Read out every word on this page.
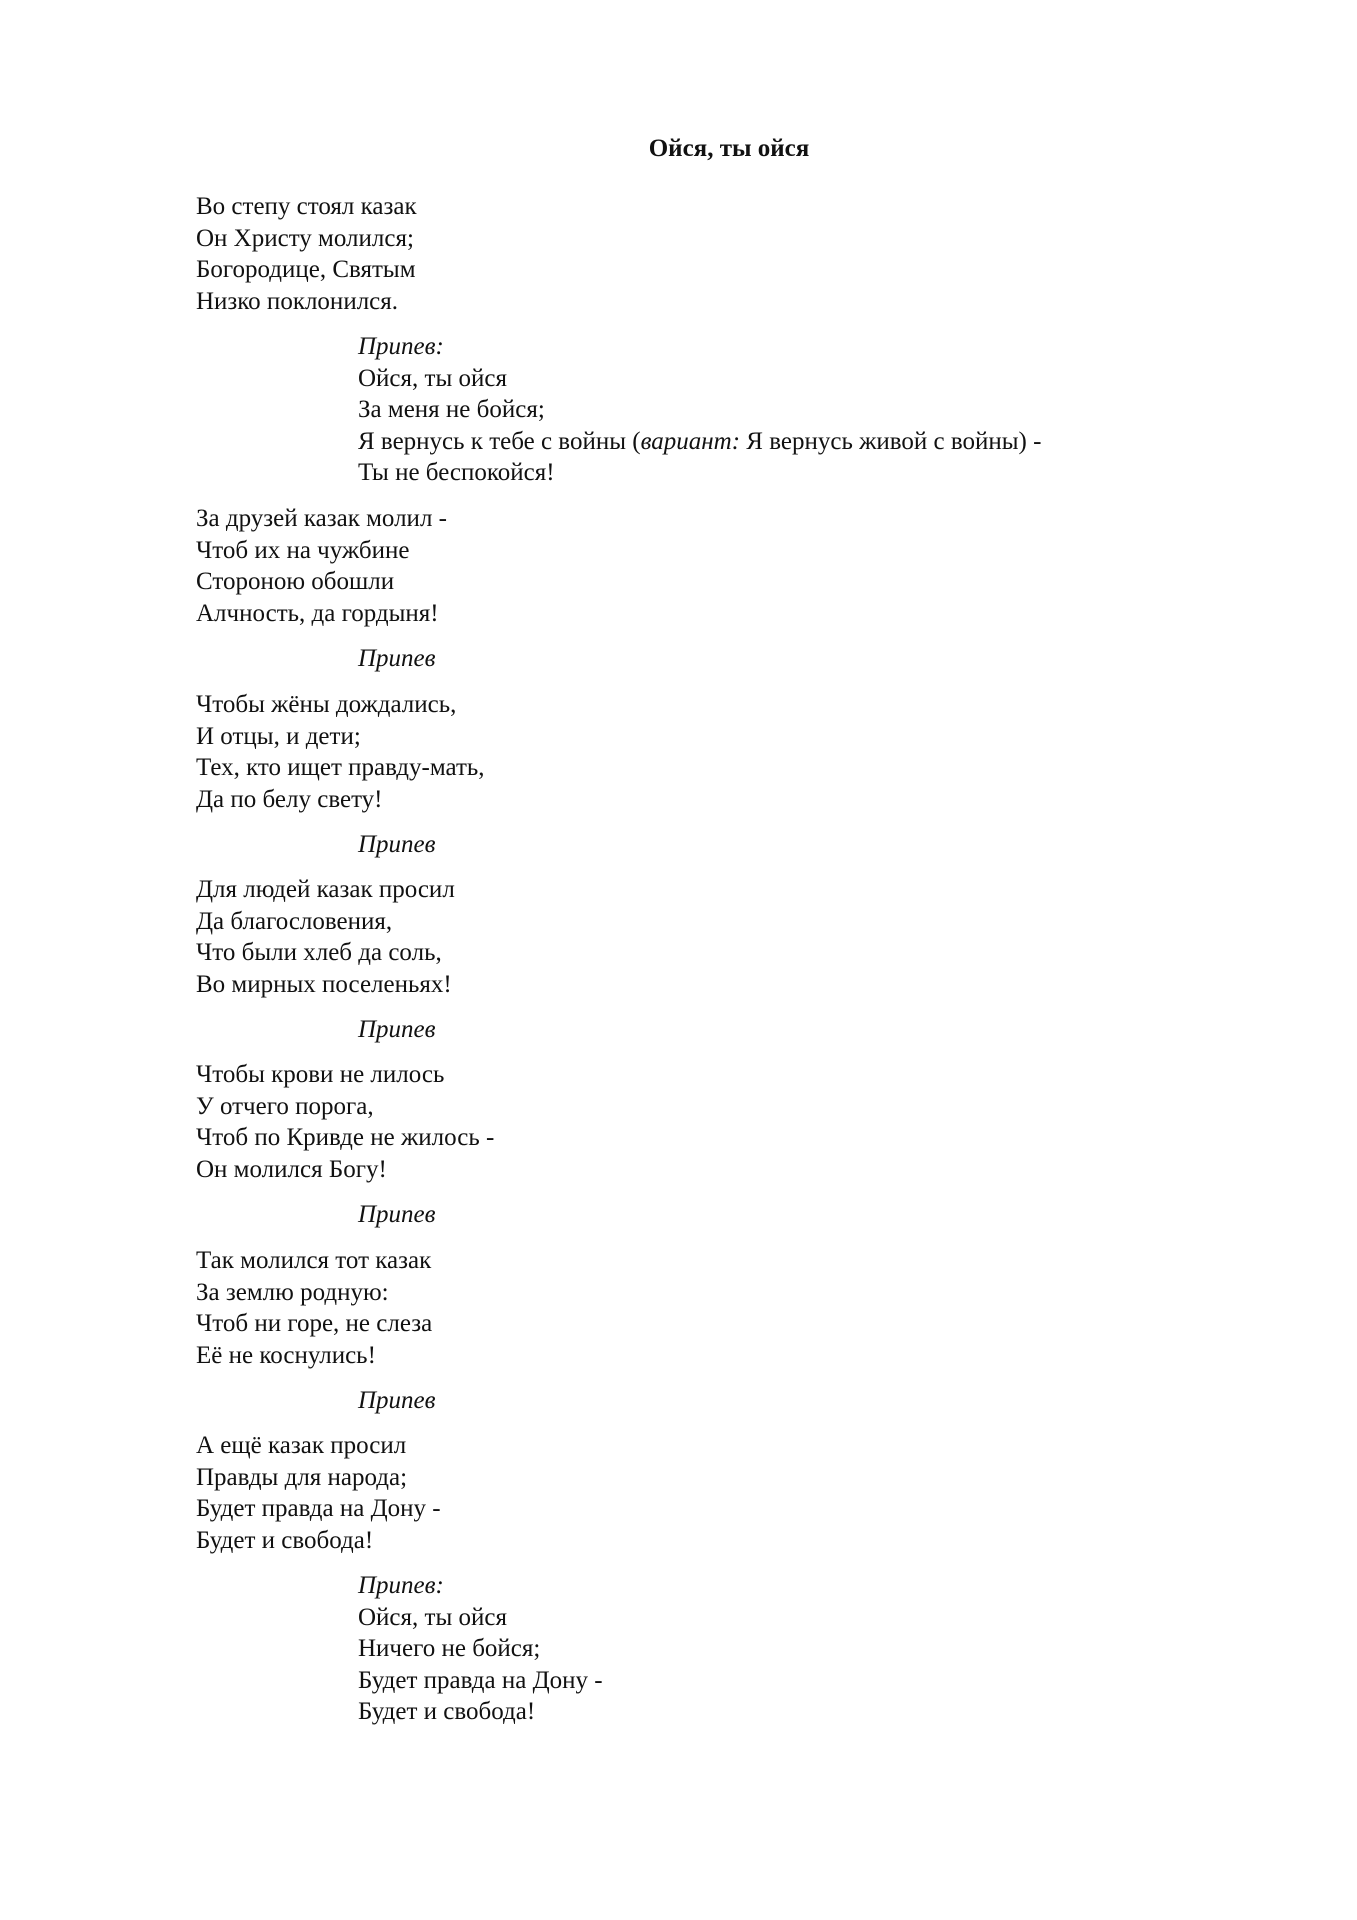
Ойся, ты ойся
Во степу стоял казак
Он Христу молился;
Богородице, Святым
Низко поклонился.
Припев:
Ойся, ты ойся
За меня не бойся;
Я вернусь к тебе с войны (вариант: Я вернусь живой с войны) -
Ты не беспокойся!
За друзей казак молил -
Чтоб их на чужбине
Стороною обошли
Алчность, да гордыня!

Припев

Чтобы жёны дождались,
И отцы, и дети;
Тех, кто ищет правду-мать,
Да по белу свету!

Припев

Для людей казак просил
Да благословения,
Что были хлеб да соль,
Во мирных поселеньях!

Припев

Чтобы крови не лилось
У отчего порога,
Чтоб по Кривде не жилось -
Он молился Богу!

Припев

Так молился тот казак
За землю родную:
Чтоб ни горе, не слеза
Её не коснулись!

Припев

А ещё казак просил
Правды для народа;
Будет правда на Дону -
Будет и свобода!
Припев:
Ойся, ты ойся
Ничего не бойся;
Будет правда на Дону -
Будет и свобода!
